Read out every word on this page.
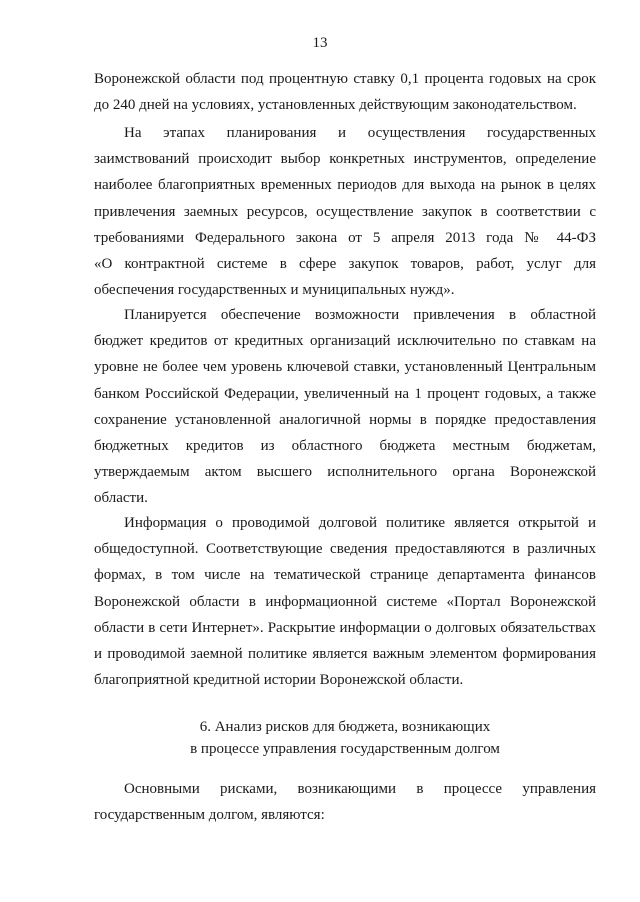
13
Воронежской области под процентную ставку 0,1 процента годовых на срок
до 240 дней на условиях, установленных действующим законодательством.
На этапах планирования и осуществления государственных
заимствований происходит выбор конкретных инструментов, определение
наиболее благоприятных временных периодов для выхода на рынок в целях
привлечения заемных ресурсов, осуществление закупок в соответствии с
требованиями Федерального закона от 5 апреля 2013 года № 44-ФЗ
«О контрактной системе в сфере закупок товаров, работ, услуг для
обеспечения государственных и муниципальных нужд».
Планируется обеспечение возможности привлечения в областной
бюджет кредитов от кредитных организаций исключительно по ставкам на
уровне не более чем уровень ключевой ставки, установленный Центральным
банком Российской Федерации, увеличенный на 1 процент годовых, а также
сохранение установленной аналогичной нормы в порядке предоставления
бюджетных кредитов из областного бюджета местным бюджетам,
утверждаемым актом высшего исполнительного органа Воронежской
области.
Информация о проводимой долговой политике является открытой и
общедоступной. Соответствующие сведения предоставляются в различных
формах, в том числе на тематической странице департамента финансов
Воронежской области в информационной системе «Портал Воронежской
области в сети Интернет». Раскрытие информации о долговых обязательствах
и проводимой заемной политике является важным элементом формирования
благоприятной кредитной истории Воронежской области.
6. Анализ рисков для бюджета, возникающих
в процессе управления государственным долгом
Основными рисками, возникающими в процессе управления
государственным долгом, являются:
